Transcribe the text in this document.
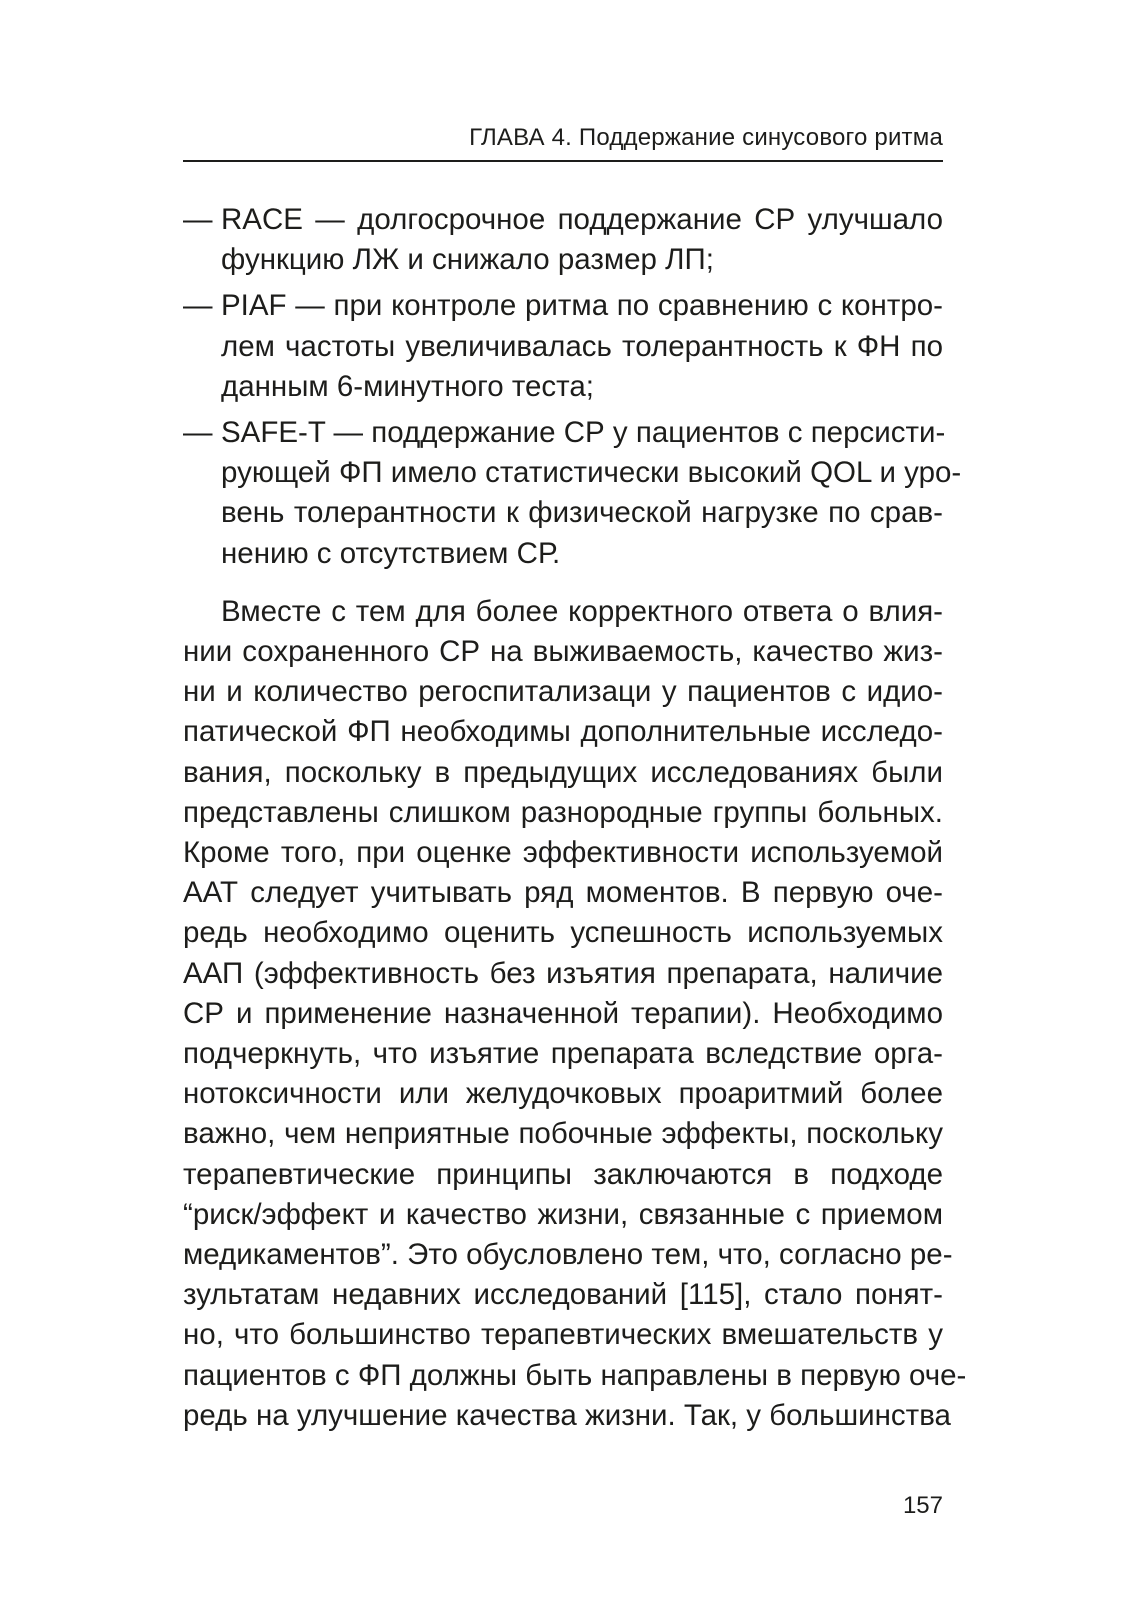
ГЛАВА 4. Поддержание синусового ритма
— RACE — долгосрочное поддержание СР улучшало
функцию ЛЖ и снижало размер ЛП;
— PIAF — при контроле ритма по сравнению с контро-
лем частоты увеличивалась толерантность к ФН по
данным 6-минутного теста;
— SAFE-T — поддержание СР у пациентов с персисти-
рующей ФП имело статистически высокий QOL и уро-
вень толерантности к физической нагрузке по срав-
нению с отсутствием СР.
Вместе с тем для более корректного ответа о влия-
нии сохраненного СР на выживаемость, качество жиз-
ни и количество регоспитализаци у пациентов с идио-
патической ФП необходимы дополнительные исследо-
вания, поскольку в предыдущих исследованиях были
представлены слишком разнородные группы больных.
Кроме того, при оценке эффективности используемой
ААТ следует учитывать ряд моментов. В первую оче-
редь необходимо оценить успешность используемых
ААП (эффективность без изъятия препарата, наличие
СР и применение назначенной терапии). Необходимо
подчеркнуть, что изъятие препарата вследствие орга-
нотоксичности или желудочковых проаритмий более
важно, чем неприятные побочные эффекты, поскольку
терапевтические принципы заключаются в подходе
“риск/эффект и качество жизни, связанные с приемом
медикаментов”. Это обусловлено тем, что, согласно ре-
зультатам недавних исследований [115], стало понят-
но, что большинство терапевтических вмешательств у
пациентов с ФП должны быть направлены в первую оче-
редь на улучшение качества жизни. Так, у большинства
157
